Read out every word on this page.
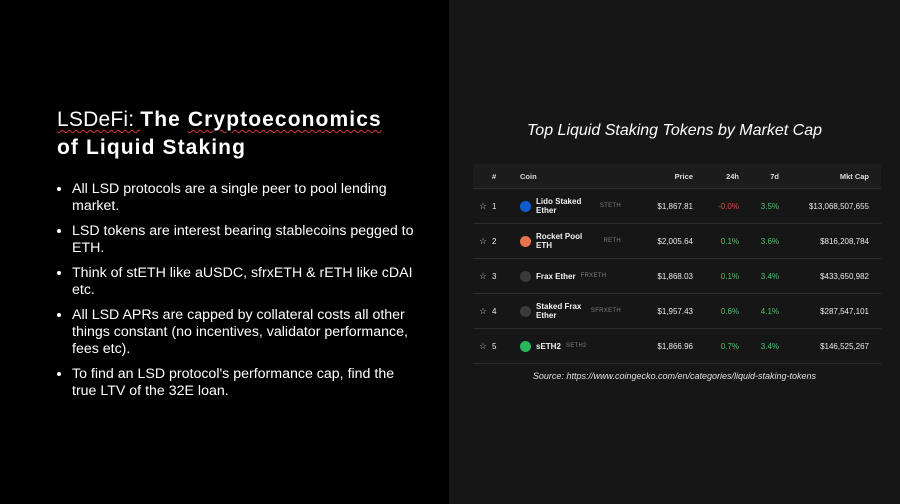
LSDeFi: The Cryptoeconomics
of Liquid Staking
• All LSD protocols are a single peer to pool lending market.
• LSD tokens are interest bearing stablecoins pegged to ETH.
• Think of stETH like aUSDC, sfrxETH & rETH like cDAI etc.
• All LSD APRs are capped by collateral costs all other things constant (no incentives, validator performance, fees etc).
• To find an LSD protocol's performance cap, find the true LTV of the 32E loan.
Top Liquid Staking Tokens by Market Cap
Source: https://www.coingecko.com/en/categories/liquid-staking-tokens
	#	Coin	Price	24h	7d	Mkt Cap
☆	1	Lido Staked Ether STETH	$1,867.81	-0.0%	3.5%	$13,068,507,655
☆	2	Rocket Pool ETH RETH	$2,005.64	0.1%	3.6%	$816,208,784
☆	3	Frax Ether FRXETH	$1,868.03	0.1%	3.4%	$433,650,982
☆	4	Staked Frax Ether SFRXETH	$1,957.43	0.6%	4.1%	$287,547,101
☆	5	sETH2 SETH2	$1,866.96	0.7%	3.4%	$146,525,267
